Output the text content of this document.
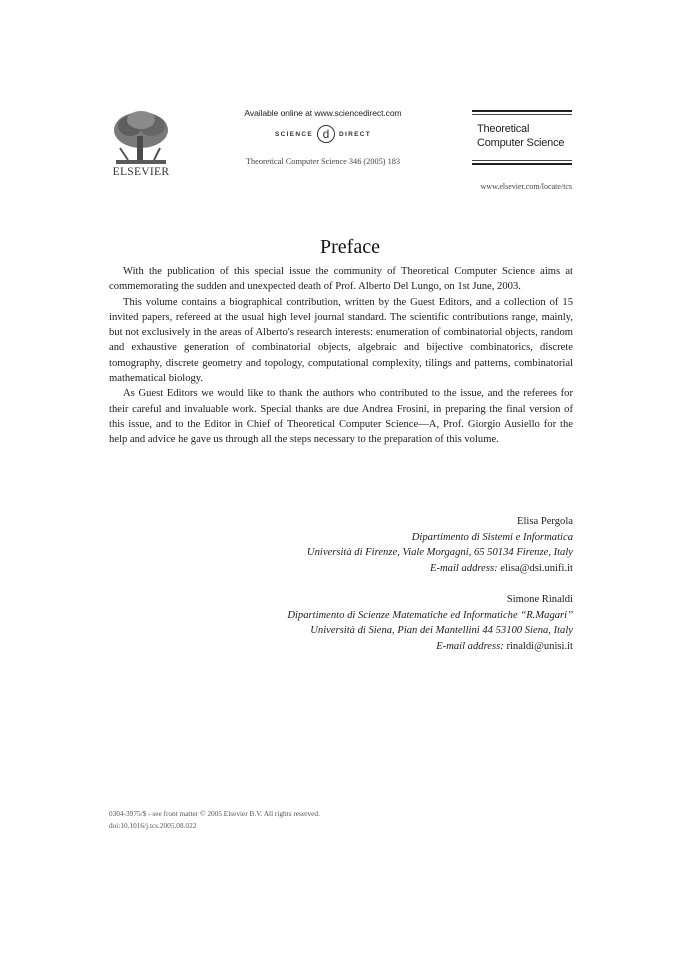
ELSEVIER
Available online at www.sciencedirect.com
SCIENCE d	DIRECT
Theoretical Computer Science 346 (2005) 183
Theoretical
Computer Science
www.elsevier.com/locate/tcs
Preface

With the publication of this special issue the community of Theoretical Computer Science aims at commemorating the sudden and unexpected death of Prof. Alberto Del Lungo, on 1st June, 2003.

This volume contains a biographical contribution, written by the Guest Editors, and a collection of 15 invited papers, refereed at the usual high level journal standard. The scientific contributions range, mainly, but not exclusively in the areas of Alberto's research interests: enumeration of combinatorial objects, random and exhaustive generation of combinatorial objects, algebraic and bijective combinatorics, discrete tomography, discrete geometry and topology, computational complexity, tilings and patterns, combinatorial mathematical biology.

As Guest Editors we would like to thank the authors who contributed to the issue, and the referees for their careful and invaluable work. Special thanks are due Andrea Frosini, in preparing the final version of this issue, and to the Editor in Chief of Theoretical Computer Science—A, Prof. Giorgio Ausiello for the help and advice he gave us through all the steps necessary to the preparation of this volume.

Elisa Pergola
Dipartimento di Sistemi e Informatica
Università di Firenze, Viale Morgagni, 65 50134 Firenze, Italy
E-mail address: elisa@dsi.unifi.it
Simone Rinaldi
Dipartimento di Scienze Matematiche ed Informatiche ‘‘R.Magari’’
Università di Siena, Pian dei Mantellini 44 53100 Siena, Italy
E-mail address: rinaldi@unisi.it
0304-3975/$ - see front matter © 2005 Elsevier B.V. All rights reserved.
doi:10.1016/j.tcs.2005.08.022
